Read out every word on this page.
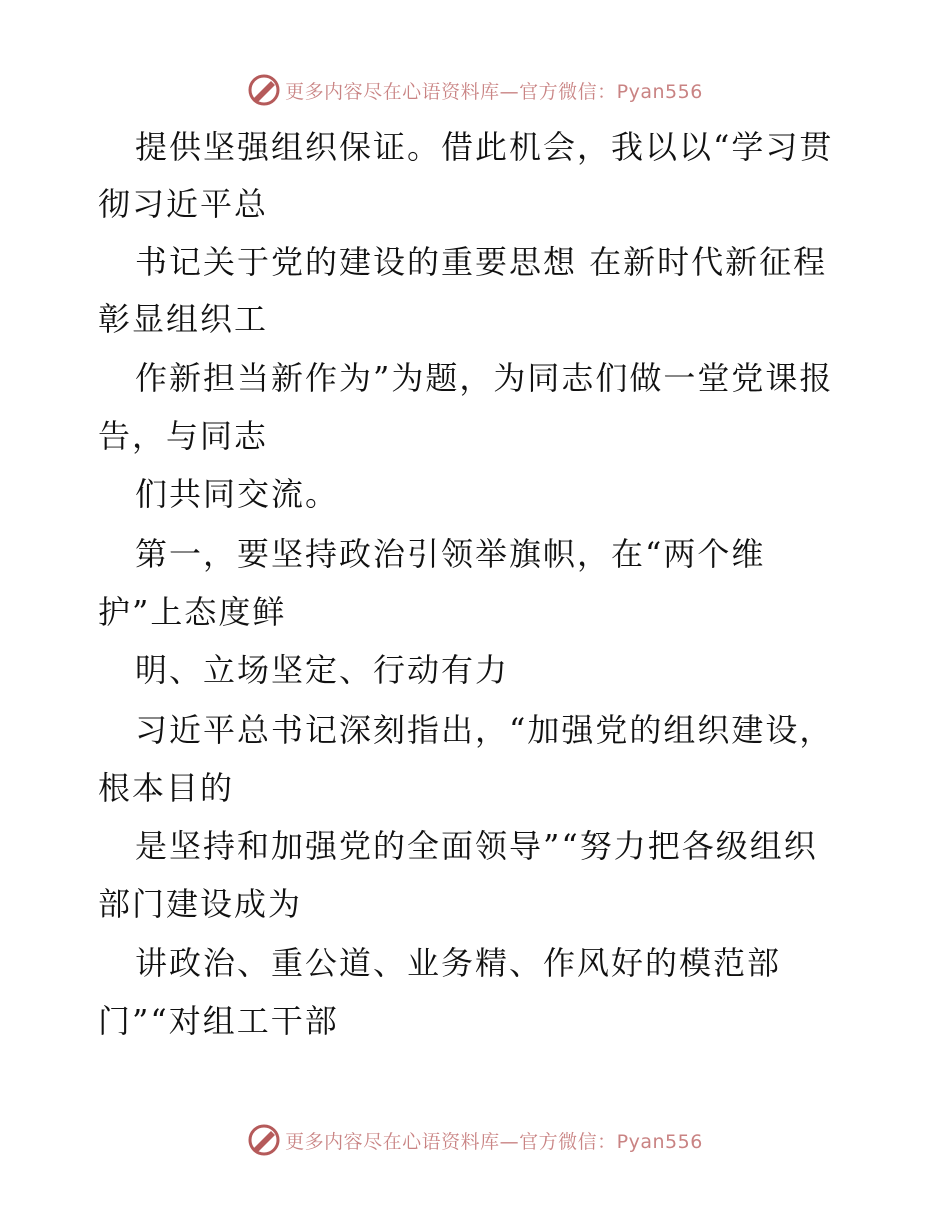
更多内容尽在心语资料库—官方微信：Pyan556
提供坚强组织保证。借此机会，我以以“学习贯
彻习近平总
书记关于党的建设的重要思想 在新时代新征程
彰显组织工
作新担当新作为”为题，为同志们做一堂党课报
告，与同志
们共同交流。
第一，要坚持政治引领举旗帜，在“两个维
护”上态度鲜
明、立场坚定、行动有力
习近平总书记深刻指出，“加强党的组织建设，
根本目的
是坚持和加强党的全面领导”“努力把各级组织
部门建设成为
讲政治、重公道、业务精、作风好的模范部
门”“对组工干部
更多内容尽在心语资料库—官方微信：Pyan556
